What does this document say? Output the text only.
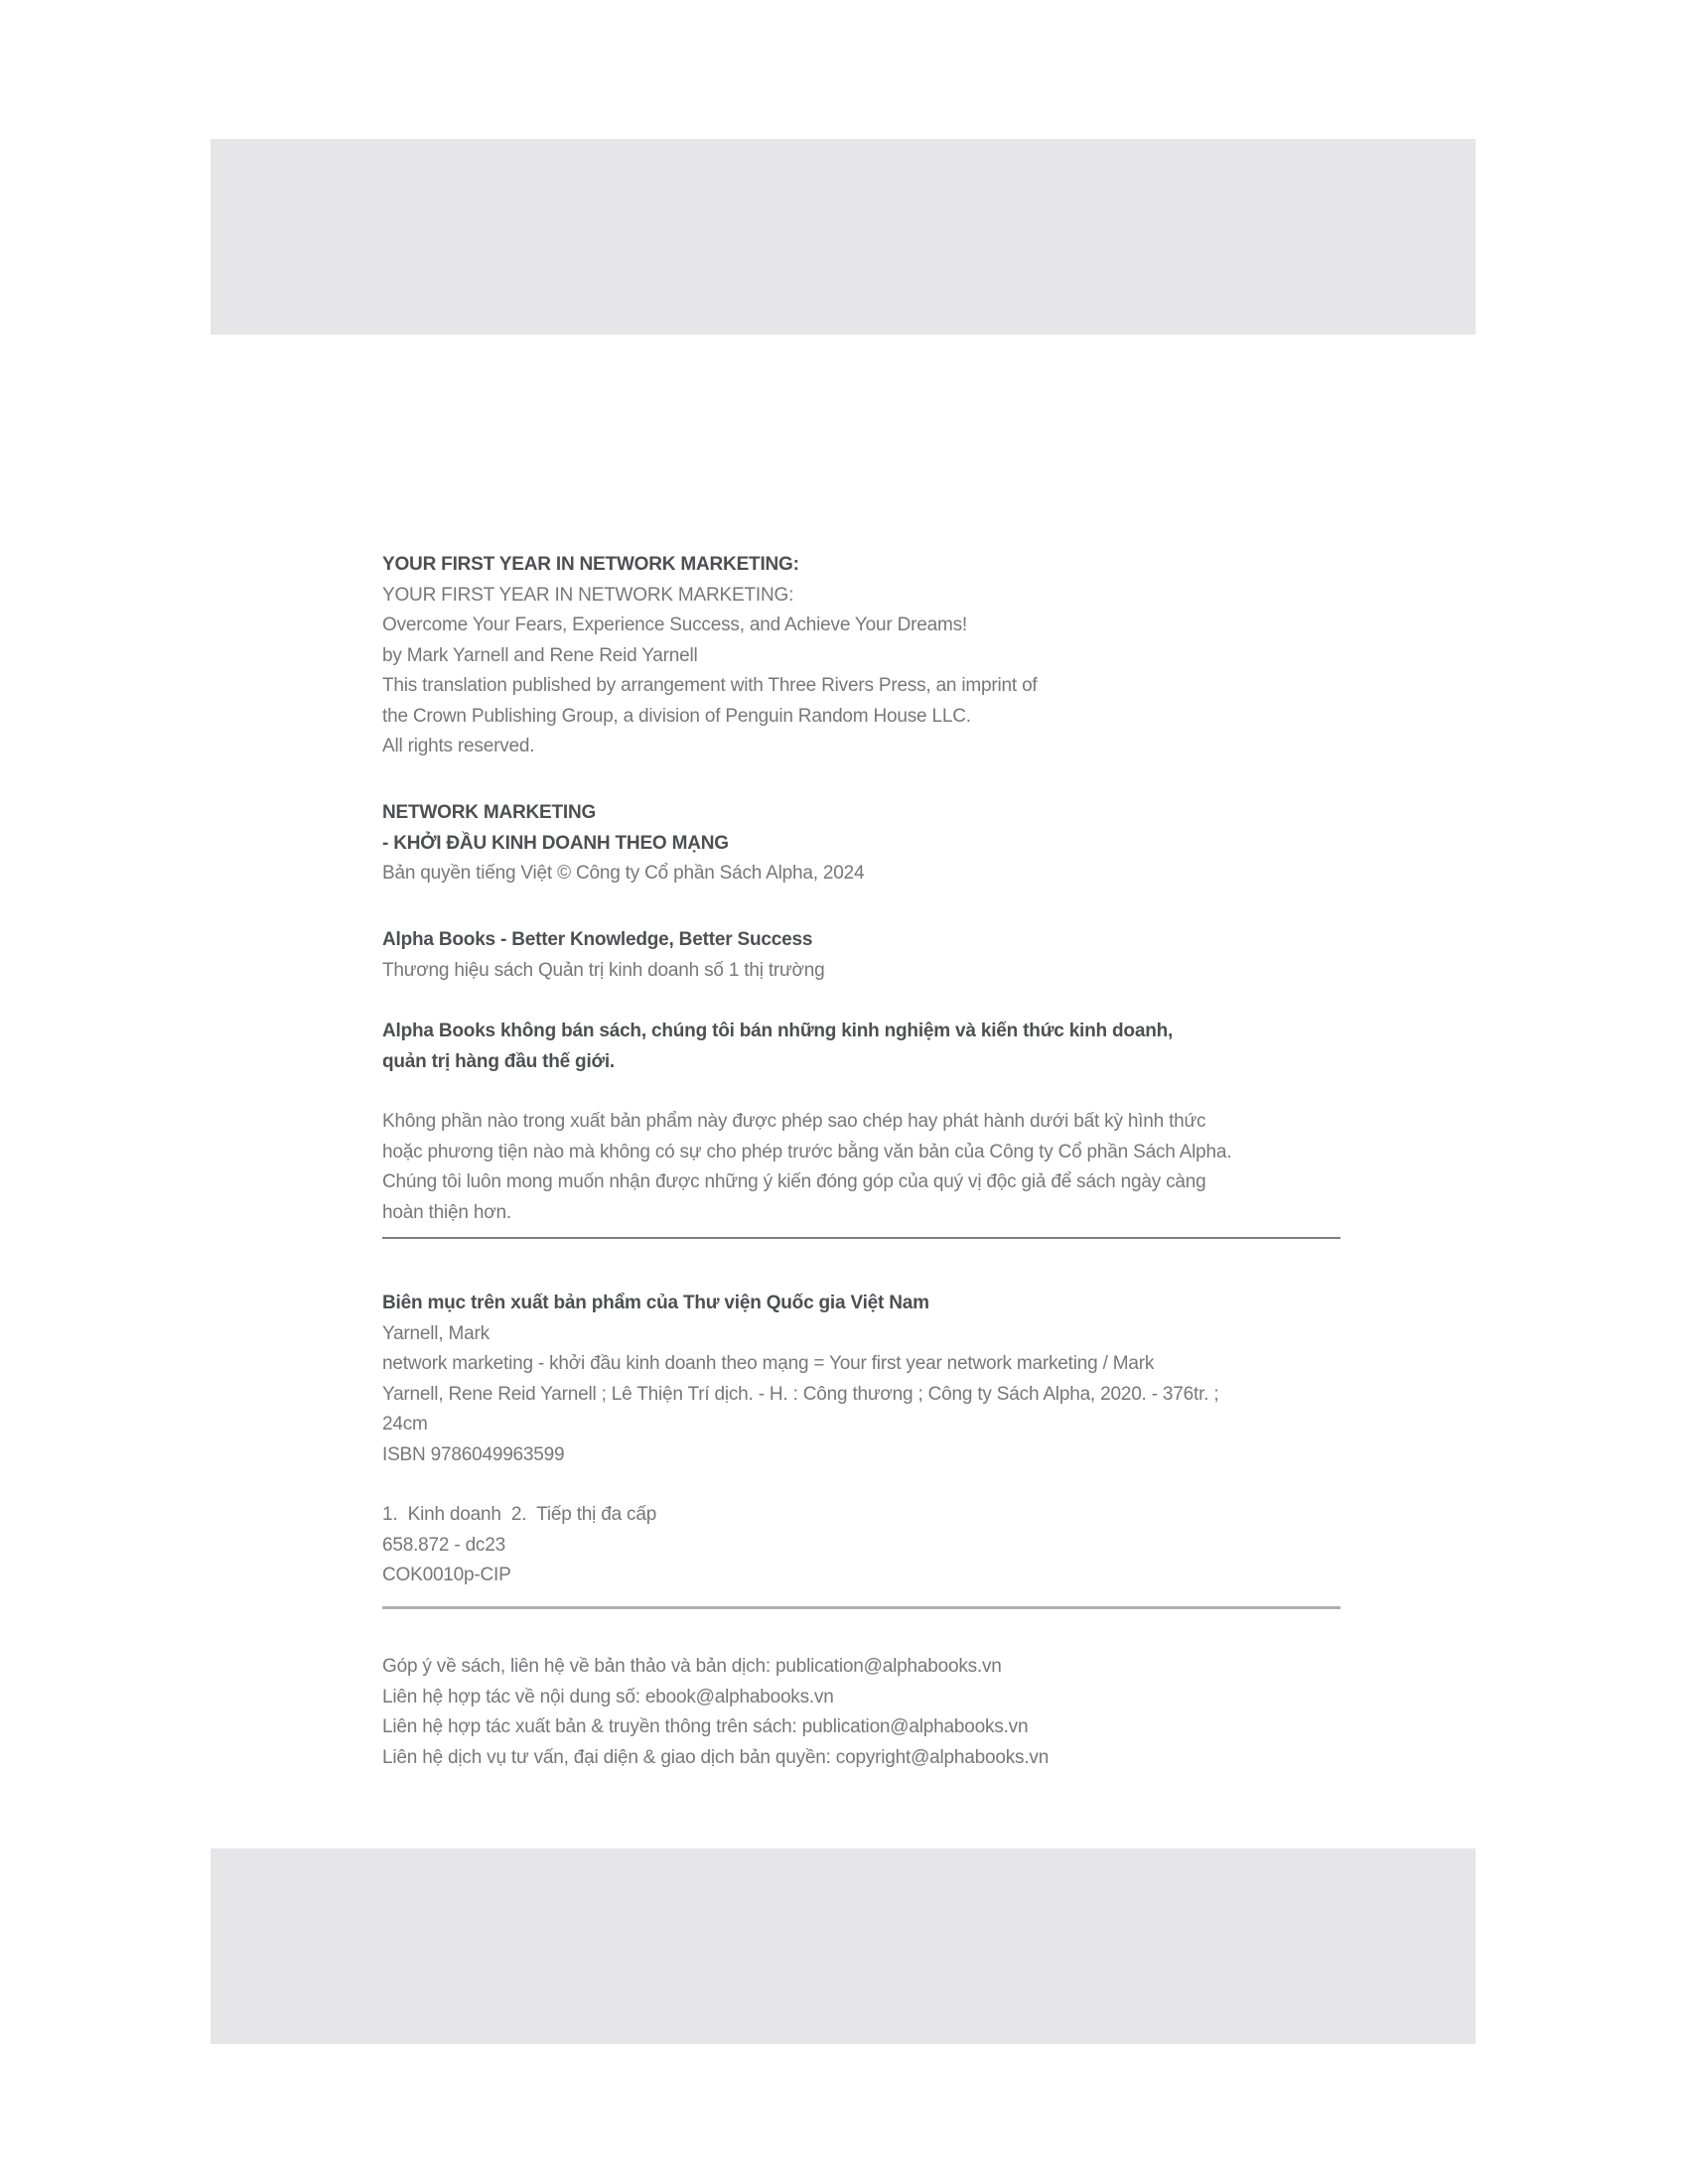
YOUR FIRST YEAR IN NETWORK MARKETING:
YOUR FIRST YEAR IN NETWORK MARKETING:
Overcome Your Fears, Experience Success, and Achieve Your Dreams!
by Mark Yarnell and Rene Reid Yarnell
This translation published by arrangement with Three Rivers Press, an imprint of
the Crown Publishing Group, a division of Penguin Random House LLC.
All rights reserved.
NETWORK MARKETING
- KHỞI ĐẦU KINH DOANH THEO MẠNG
Bản quyền tiếng Việt © Công ty Cổ phần Sách Alpha, 2024
Alpha Books - Better Knowledge, Better Success
Thương hiệu sách Quản trị kinh doanh số 1 thị trường
Alpha Books không bán sách, chúng tôi bán những kinh nghiệm và kiến thức kinh doanh,
quản trị hàng đầu thế giới.
Không phần nào trong xuất bản phẩm này được phép sao chép hay phát hành dưới bất kỳ hình thức
hoặc phương tiện nào mà không có sự cho phép trước bằng văn bản của Công ty Cổ phần Sách Alpha.
Chúng tôi luôn mong muốn nhận được những ý kiến đóng góp của quý vị độc giả để sách ngày càng
hoàn thiện hơn.
Biên mục trên xuất bản phẩm của Thư viện Quốc gia Việt Nam
Yarnell, Mark
network marketing - khởi đầu kinh doanh theo mạng = Your first year network marketing / Mark
Yarnell, Rene Reid Yarnell ; Lê Thiện Trí dịch. - H. : Công thương ; Công ty Sách Alpha, 2020. - 376tr. ;
24cm
ISBN 9786049963599
1.  Kinh doanh  2.  Tiếp thị đa cấp
658.872 - dc23
COK0010p-CIP
Góp ý về sách, liên hệ về bản thảo và bản dịch: publication@alphabooks.vn
Liên hệ hợp tác về nội dung số: ebook@alphabooks.vn
Liên hệ hợp tác xuất bản & truyền thông trên sách: publication@alphabooks.vn
Liên hệ dịch vụ tư vấn, đại diện & giao dịch bản quyền: copyright@alphabooks.vn
